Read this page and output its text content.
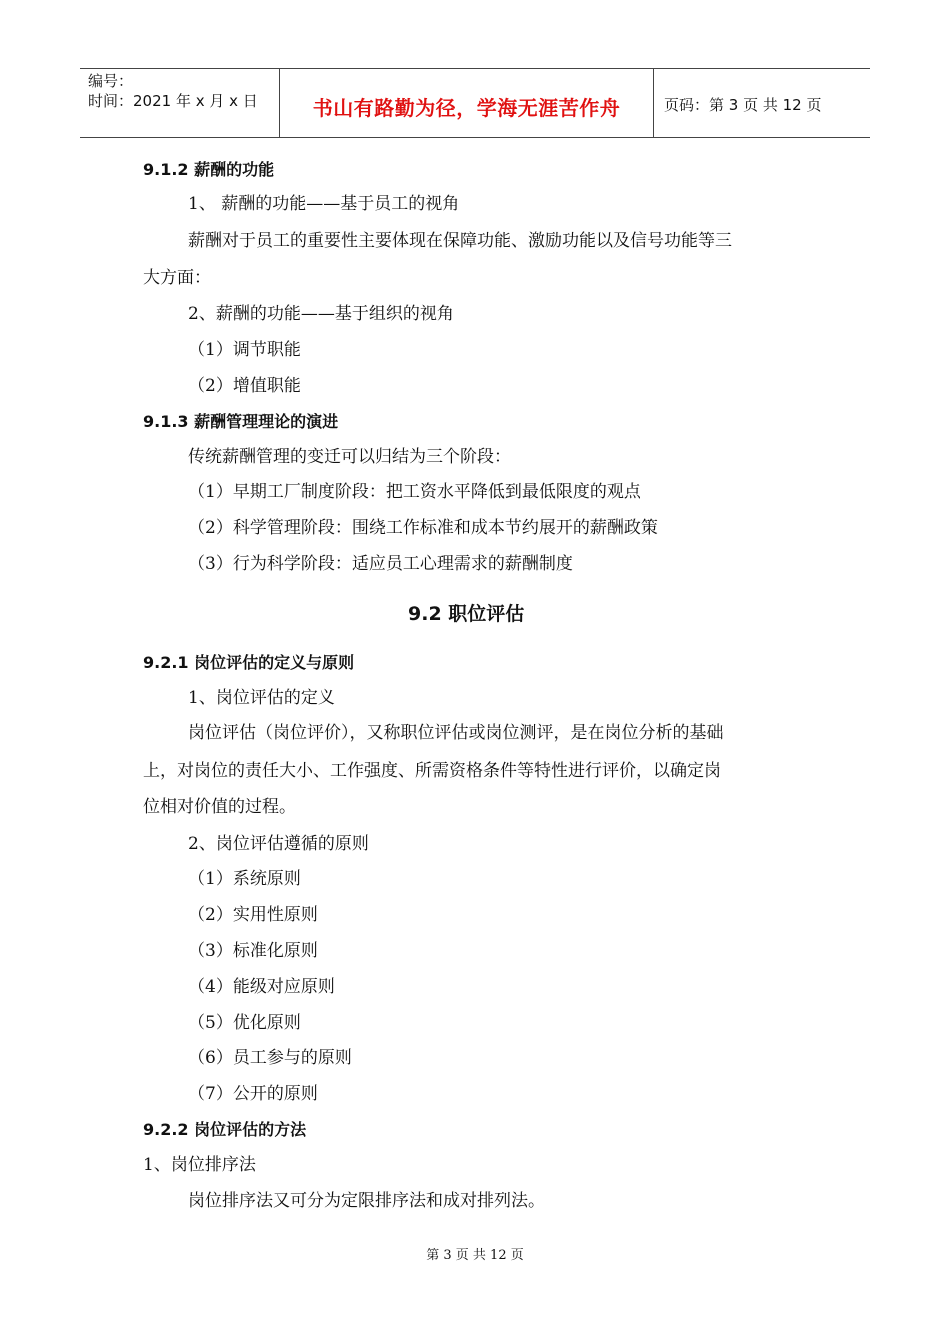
编号：
时间：2021 年 x 月 x 日	书山有路勤为径，学海无涯苦作舟	页码：第 3 页 共 12 页
9.1.2 薪酬的功能
1、 薪酬的功能——基于员工的视角
薪酬对于员工的重要性主要体现在保障功能、激励功能以及信号功能等三
大方面：
2、薪酬的功能——基于组织的视角
（1）调节职能
（2）增值职能
9.1.3 薪酬管理理论的演进
传统薪酬管理的变迁可以归结为三个阶段：
（1）早期工厂制度阶段：把工资水平降低到最低限度的观点
（2）科学管理阶段：围绕工作标准和成本节约展开的薪酬政策
（3）行为科学阶段：适应员工心理需求的薪酬制度
9.2 职位评估
9.2.1 岗位评估的定义与原则
1、岗位评估的定义
岗位评估（岗位评价），又称职位评估或岗位测评，是在岗位分析的基础
上，对岗位的责任大小、工作强度、所需资格条件等特性进行评价，以确定岗
位相对价值的过程。
2、岗位评估遵循的原则
（1）系统原则
（2）实用性原则
（3）标准化原则
（4）能级对应原则
（5）优化原则
（6）员工参与的原则
（7）公开的原则
9.2.2 岗位评估的方法
1、岗位排序法
岗位排序法又可分为定限排序法和成对排列法。
第 3 页 共 12 页
